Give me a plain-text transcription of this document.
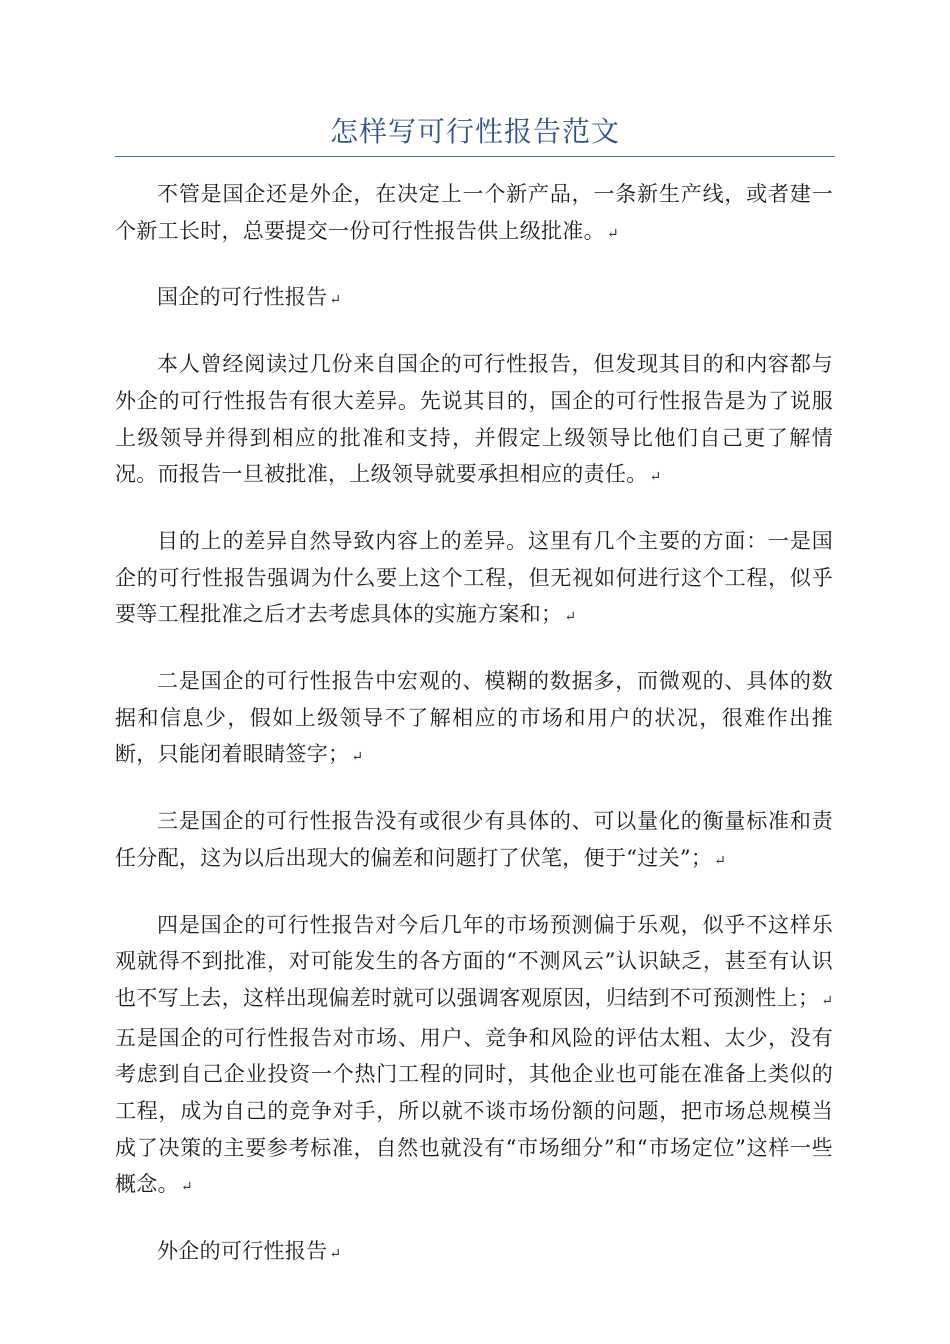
怎样写可行性报告范文

不管是国企还是外企，在决定上一个新产品，一条新生产线，或者建一个新工长时，总要提交一份可行性报告供上级批准。 ↵

国企的可行性报告 ↵

本人曾经阅读过几份来自国企的可行性报告，但发现其目的和内容都与外企的可行性报告有很大差异。先说其目的，国企的可行性报告是为了说服上级领导并得到相应的批准和支持，并假定上级领导比他们自己更了解情况。而报告一旦被批准，上级领导就要承担相应的责任。 ↵

目的上的差异自然导致内容上的差异。这里有几个主要的方面：一是国企的可行性报告强调为什么要上这个工程，但无视如何进行这个工程，似乎要等工程批准之后才去考虑具体的实施方案和； ↵

二是国企的可行性报告中宏观的、模糊的数据多，而微观的、具体的数据和信息少，假如上级领导不了解相应的市场和用户的状况，很难作出推断，只能闭着眼睛签字； ↵

三是国企的可行性报告没有或很少有具体的、可以量化的衡量标准和责任分配，这为以后出现大的偏差和问题打了伏笔，便于“过关”； ↵

四是国企的可行性报告对今后几年的市场预测偏于乐观，似乎不这样乐观就得不到批准，对可能发生的各方面的“不测风云”认识缺乏，甚至有认识也不写上去，这样出现偏差时就可以强调客观原因，归结到不可预测性上； ↵五是国企的可行性报告对市场、用户、竞争和风险的评估太粗、太少，没有考虑到自己企业投资一个热门工程的同时，其他企业也可能在准备上类似的工程，成为自己的竞争对手，所以就不谈市场份额的问题，把市场总规模当成了决策的主要参考标准，自然也就没有“市场细分”和“市场定位”这样一些概念。 ↵

外企的可行性报告 ↵
